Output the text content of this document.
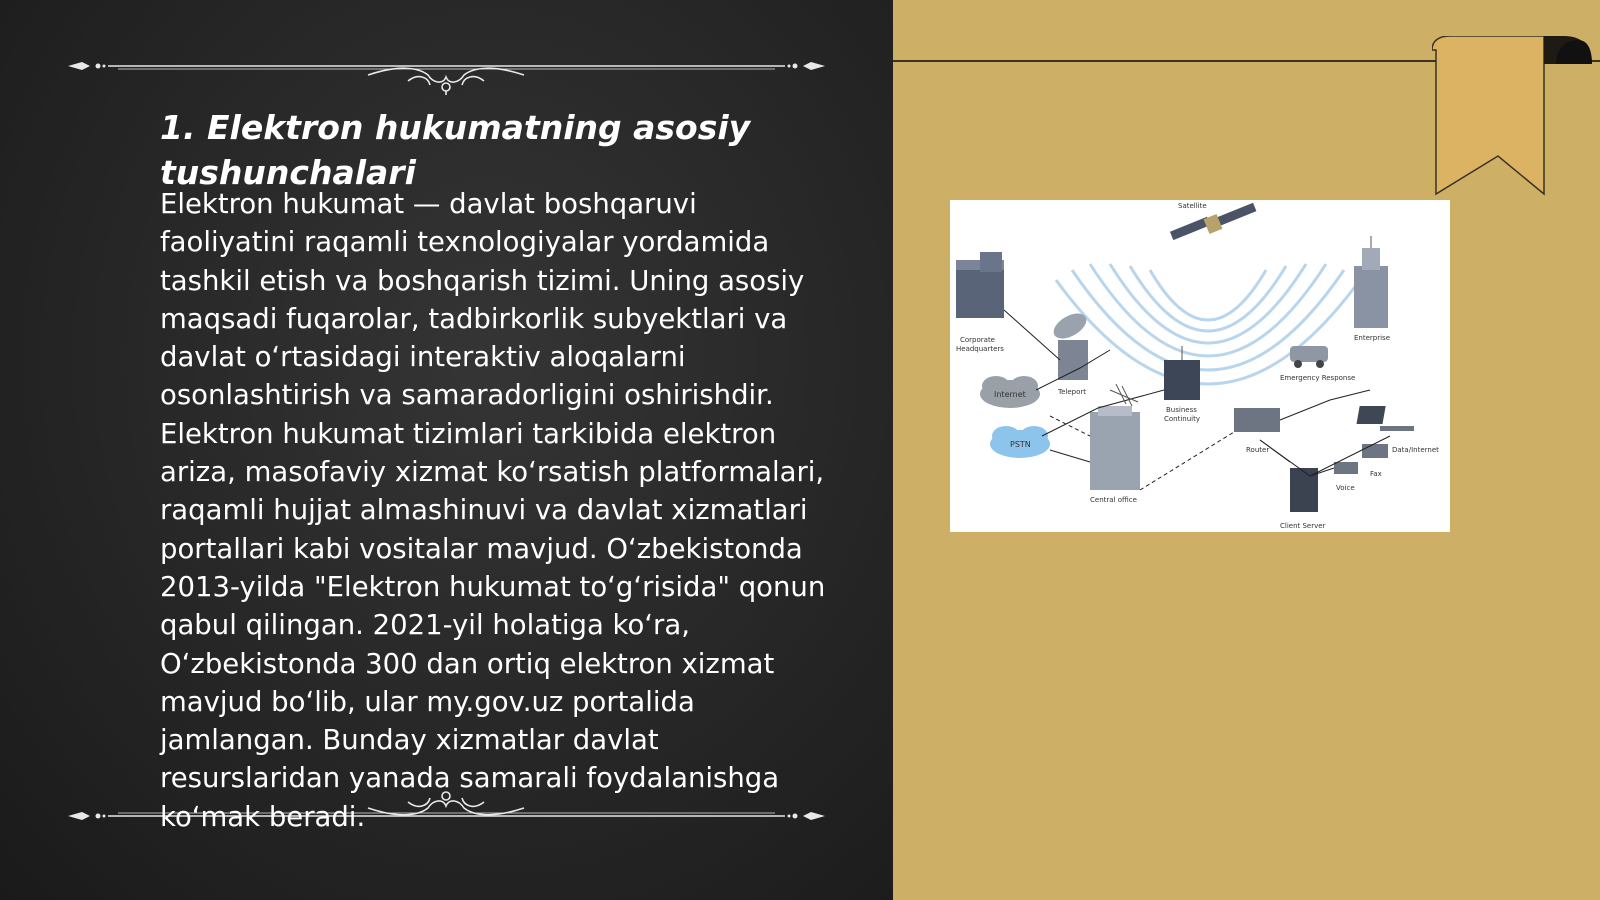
1. Elektron hukumatning asosiy tushunchalari

Elektron hukumat — davlat boshqaruvi faoliyatini raqamli texnologiyalar yordamida tashkil etish va boshqarish tizimi. Uning asosiy maqsadi fuqarolar, tadbirkorlik subyektlari va davlat oʻrtasidagi interaktiv aloqalarni osonlashtirish va samaradorligini oshirishdir. Elektron hukumat tizimlari tarkibida elektron ariza, masofaviy xizmat koʻrsatish platformalari, raqamli hujjat almashinuvi va davlat xizmatlari portallari kabi vositalar mavjud. Oʻzbekistonda 2013-yilda "Elektron hukumat toʻgʻrisida" qonun qabul qilingan. 2021-yil holatiga koʻra, Oʻzbekistonda 300 dan ortiq elektron xizmat mavjud boʻlib, ular my.gov.uz portalida jamlangan. Bunday xizmatlar davlat resurslaridan yanada samarali foydalanishga koʻmak beradi.

Satellite
Corporate
Headquarters
Enterprise
Teleport
Internet
PSTN
Emergency Response
Business
Continuity
Central office
Router	Data/Internet
Fax
Voice
Client Server
